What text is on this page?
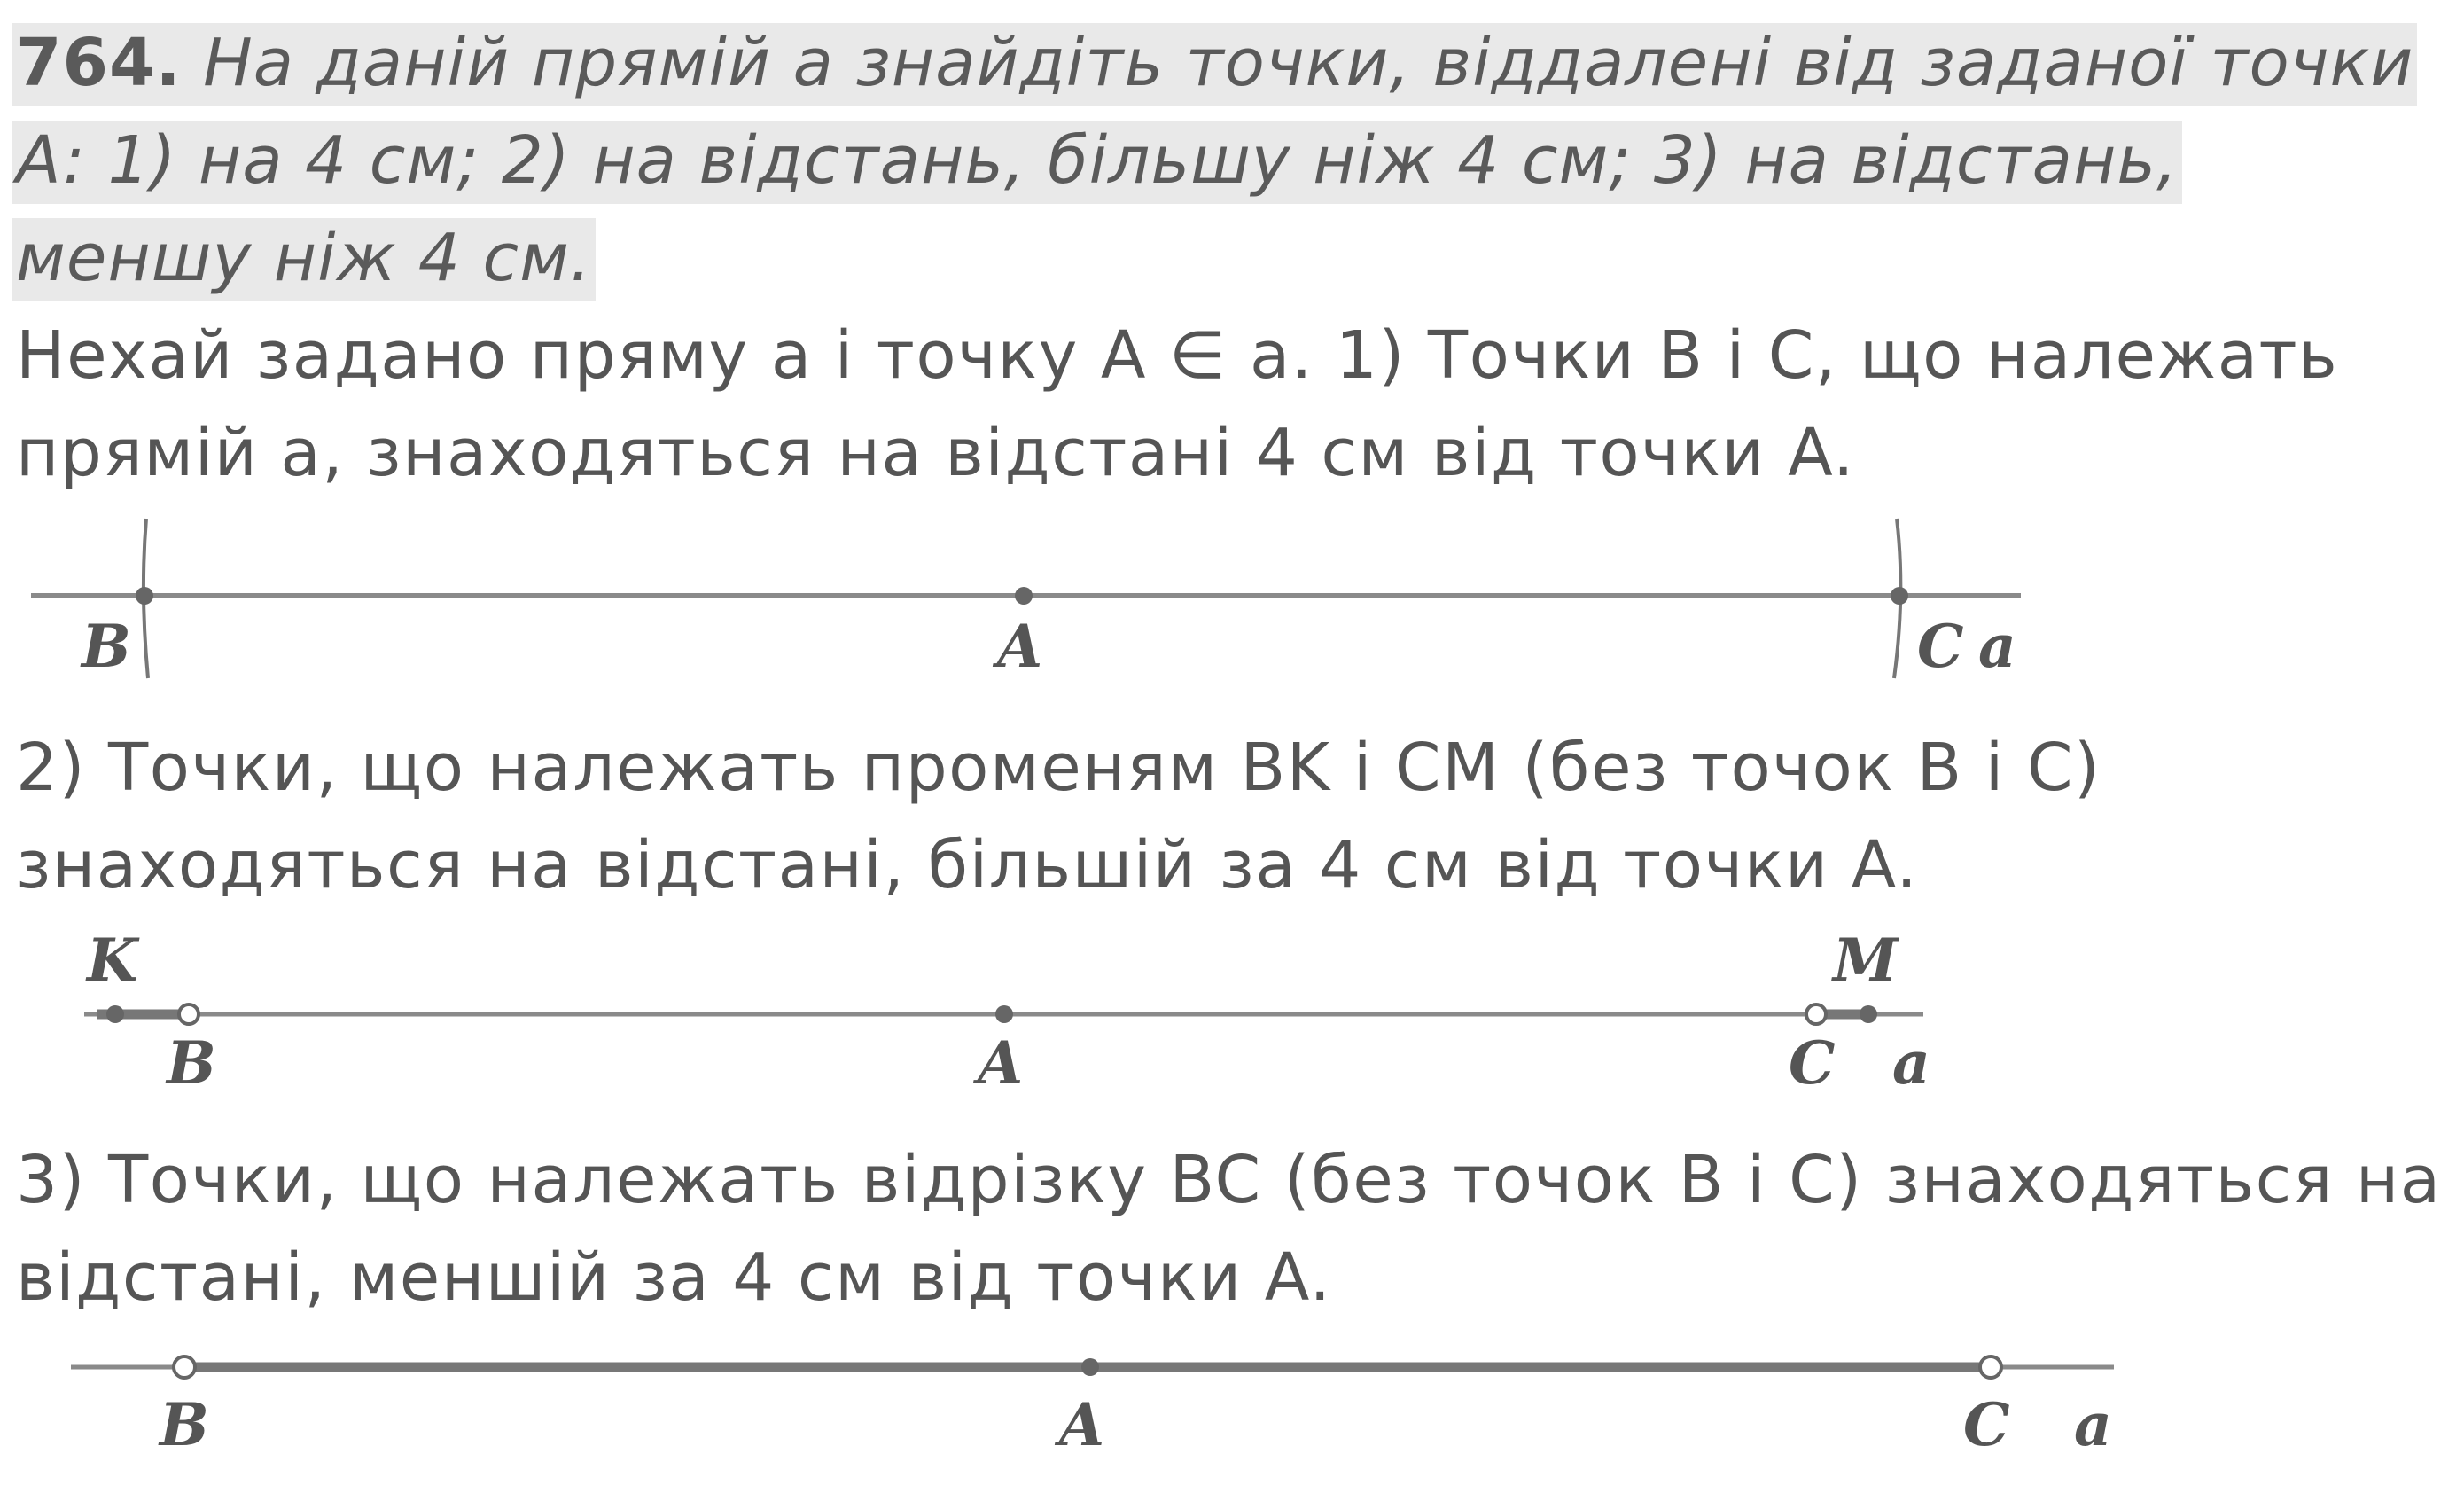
764. На даній прямій a знайдіть точки, віддалені від заданої точки
A: 1) на 4 см; 2) на відстань, більшу ніж 4 см; 3) на відстань,
меншу ніж 4 см.
Нехай задано пряму a і точку A ∈ a. 1) Точки B і C, що належать
прямій a, знаходяться на відстані 4 см від точки A.
B	A	C a
2) Точки, що належать променям BK і CM (без точок B і C)
знаходяться на відстані, більшій за 4 см від точки A.
K	M
B	A	C a
3) Точки, що належать відрізку BC (без точок B і C) знаходяться на
відстані, меншій за 4 см від точки A.
B	A	C a
